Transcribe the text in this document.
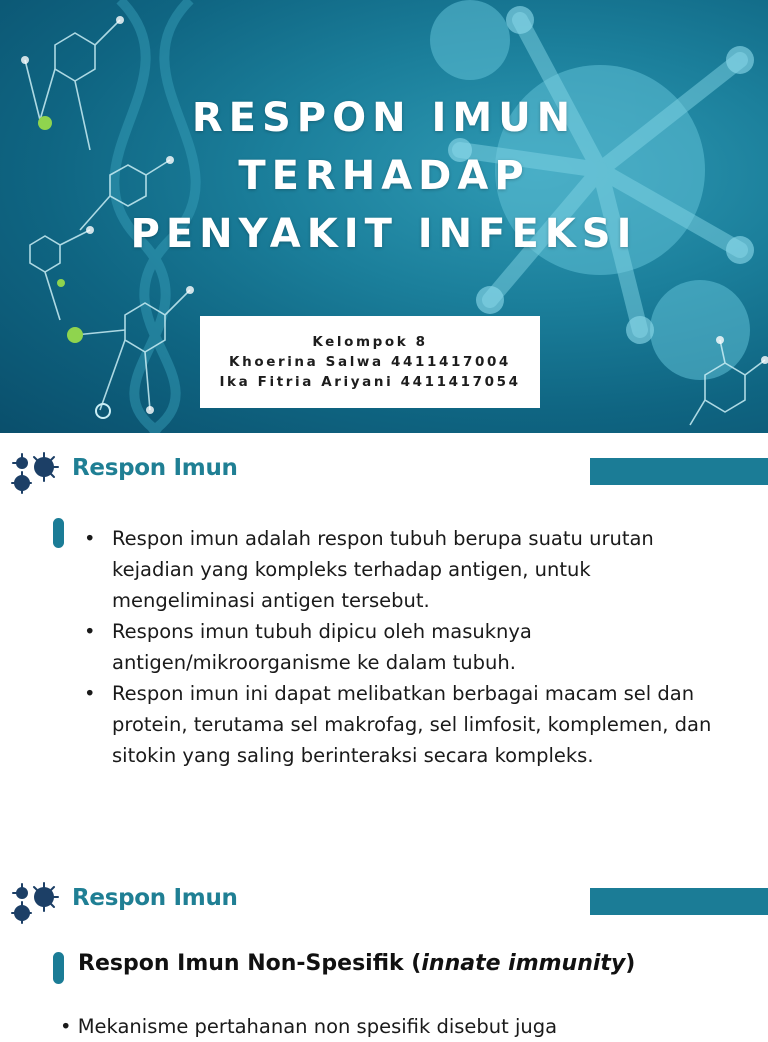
RESPON IMUN
TERHADAP
PENYAKIT INFEKSI
Kelompok 8
Khoerina Salwa 4411417004
Ika Fitria Ariyani 4411417054
Respon Imun
• Respon imun adalah respon tubuh berupa suatu urutan kejadian yang kompleks terhadap antigen, untuk mengeliminasi antigen tersebut.
• Respons imun tubuh dipicu oleh masuknya antigen/mikroorganisme ke dalam tubuh.
• Respon imun ini dapat melibatkan berbagai macam sel dan protein, terutama sel makrofag, sel limfosit, komplemen, dan sitokin yang saling berinteraksi secara kompleks.
Respon Imun
Respon Imun Non-Spesifik (innate immunity)
• Mekanisme pertahanan non spesifik disebut juga
